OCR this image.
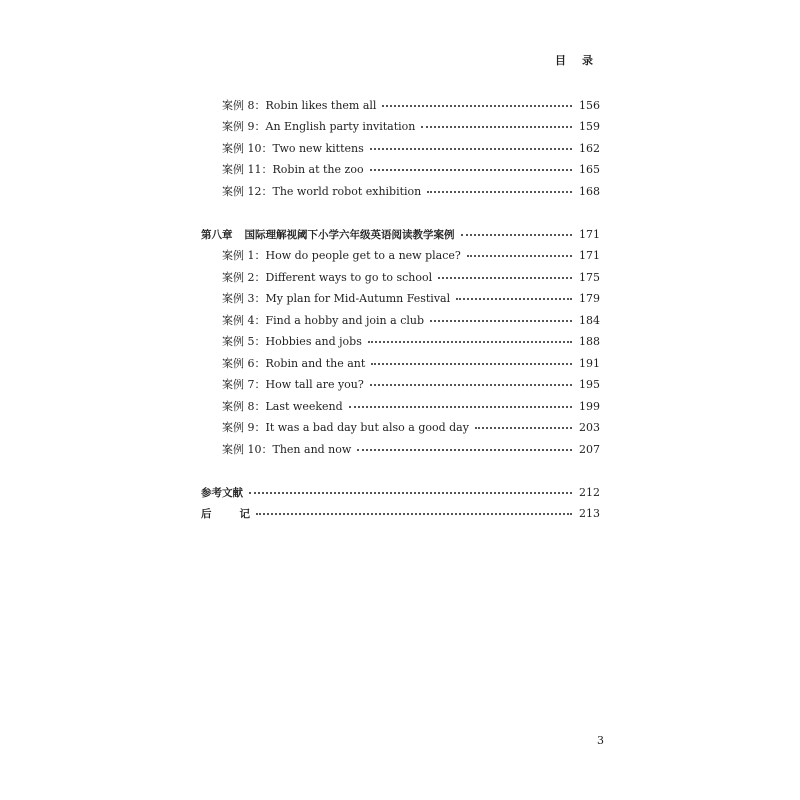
目录
案例 8：Robin likes them all	156
案例 9：An English party invitation	159
案例 10：Two new kittens	162
案例 11：Robin at the zoo	165
案例 12：The world robot exhibition	168
第八章 国际理解视阈下小学六年级英语阅读教学案例	171
案例 1：How do people get to a new place?	171
案例 2：Different ways to go to school	175
案例 3：My plan for Mid-Autumn Festival	179
案例 4：Find a hobby and join a club	184
案例 5：Hobbies and jobs	188
案例 6：Robin and the ant	191
案例 7：How tall are you?	195
案例 8：Last weekend	199
案例 9：It was a bad day but also a good day	203
案例 10：Then and now	207
参考文献	212
后	记	213
3
